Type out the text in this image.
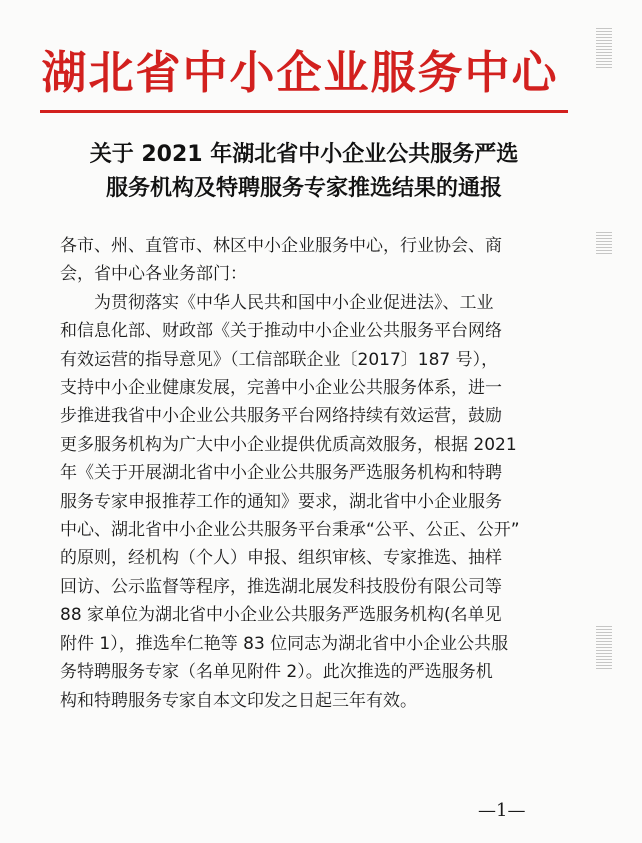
湖北省中小企业服务中心
关于 2021 年湖北省中小企业公共服务严选
服务机构及特聘服务专家推选结果的通报
各市、州、直管市、林区中小企业服务中心，行业协会、商
会，省中心各业务部门：
　　为贯彻落实《中华人民共和国中小企业促进法》、工业
和信息化部、财政部《关于推动中小企业公共服务平台网络
有效运营的指导意见》（工信部联企业〔2017〕187 号），
支持中小企业健康发展，完善中小企业公共服务体系，进一
步推进我省中小企业公共服务平台网络持续有效运营，鼓励
更多服务机构为广大中小企业提供优质高效服务，根据 2021
年《关于开展湖北省中小企业公共服务严选服务机构和特聘
服务专家申报推荐工作的通知》要求，湖北省中小企业服务
中心、湖北省中小企业公共服务平台秉承“公平、公正、公开”
的原则，经机构（个人）申报、组织审核、专家推选、抽样
回访、公示监督等程序，推选湖北展发科技股份有限公司等
88 家单位为湖北省中小企业公共服务严选服务机构(名单见
附件 1），推选牟仁艳等 83 位同志为湖北省中小企业公共服
务特聘服务专家（名单见附件 2）。此次推选的严选服务机
构和特聘服务专家自本文印发之日起三年有效。
—1—
